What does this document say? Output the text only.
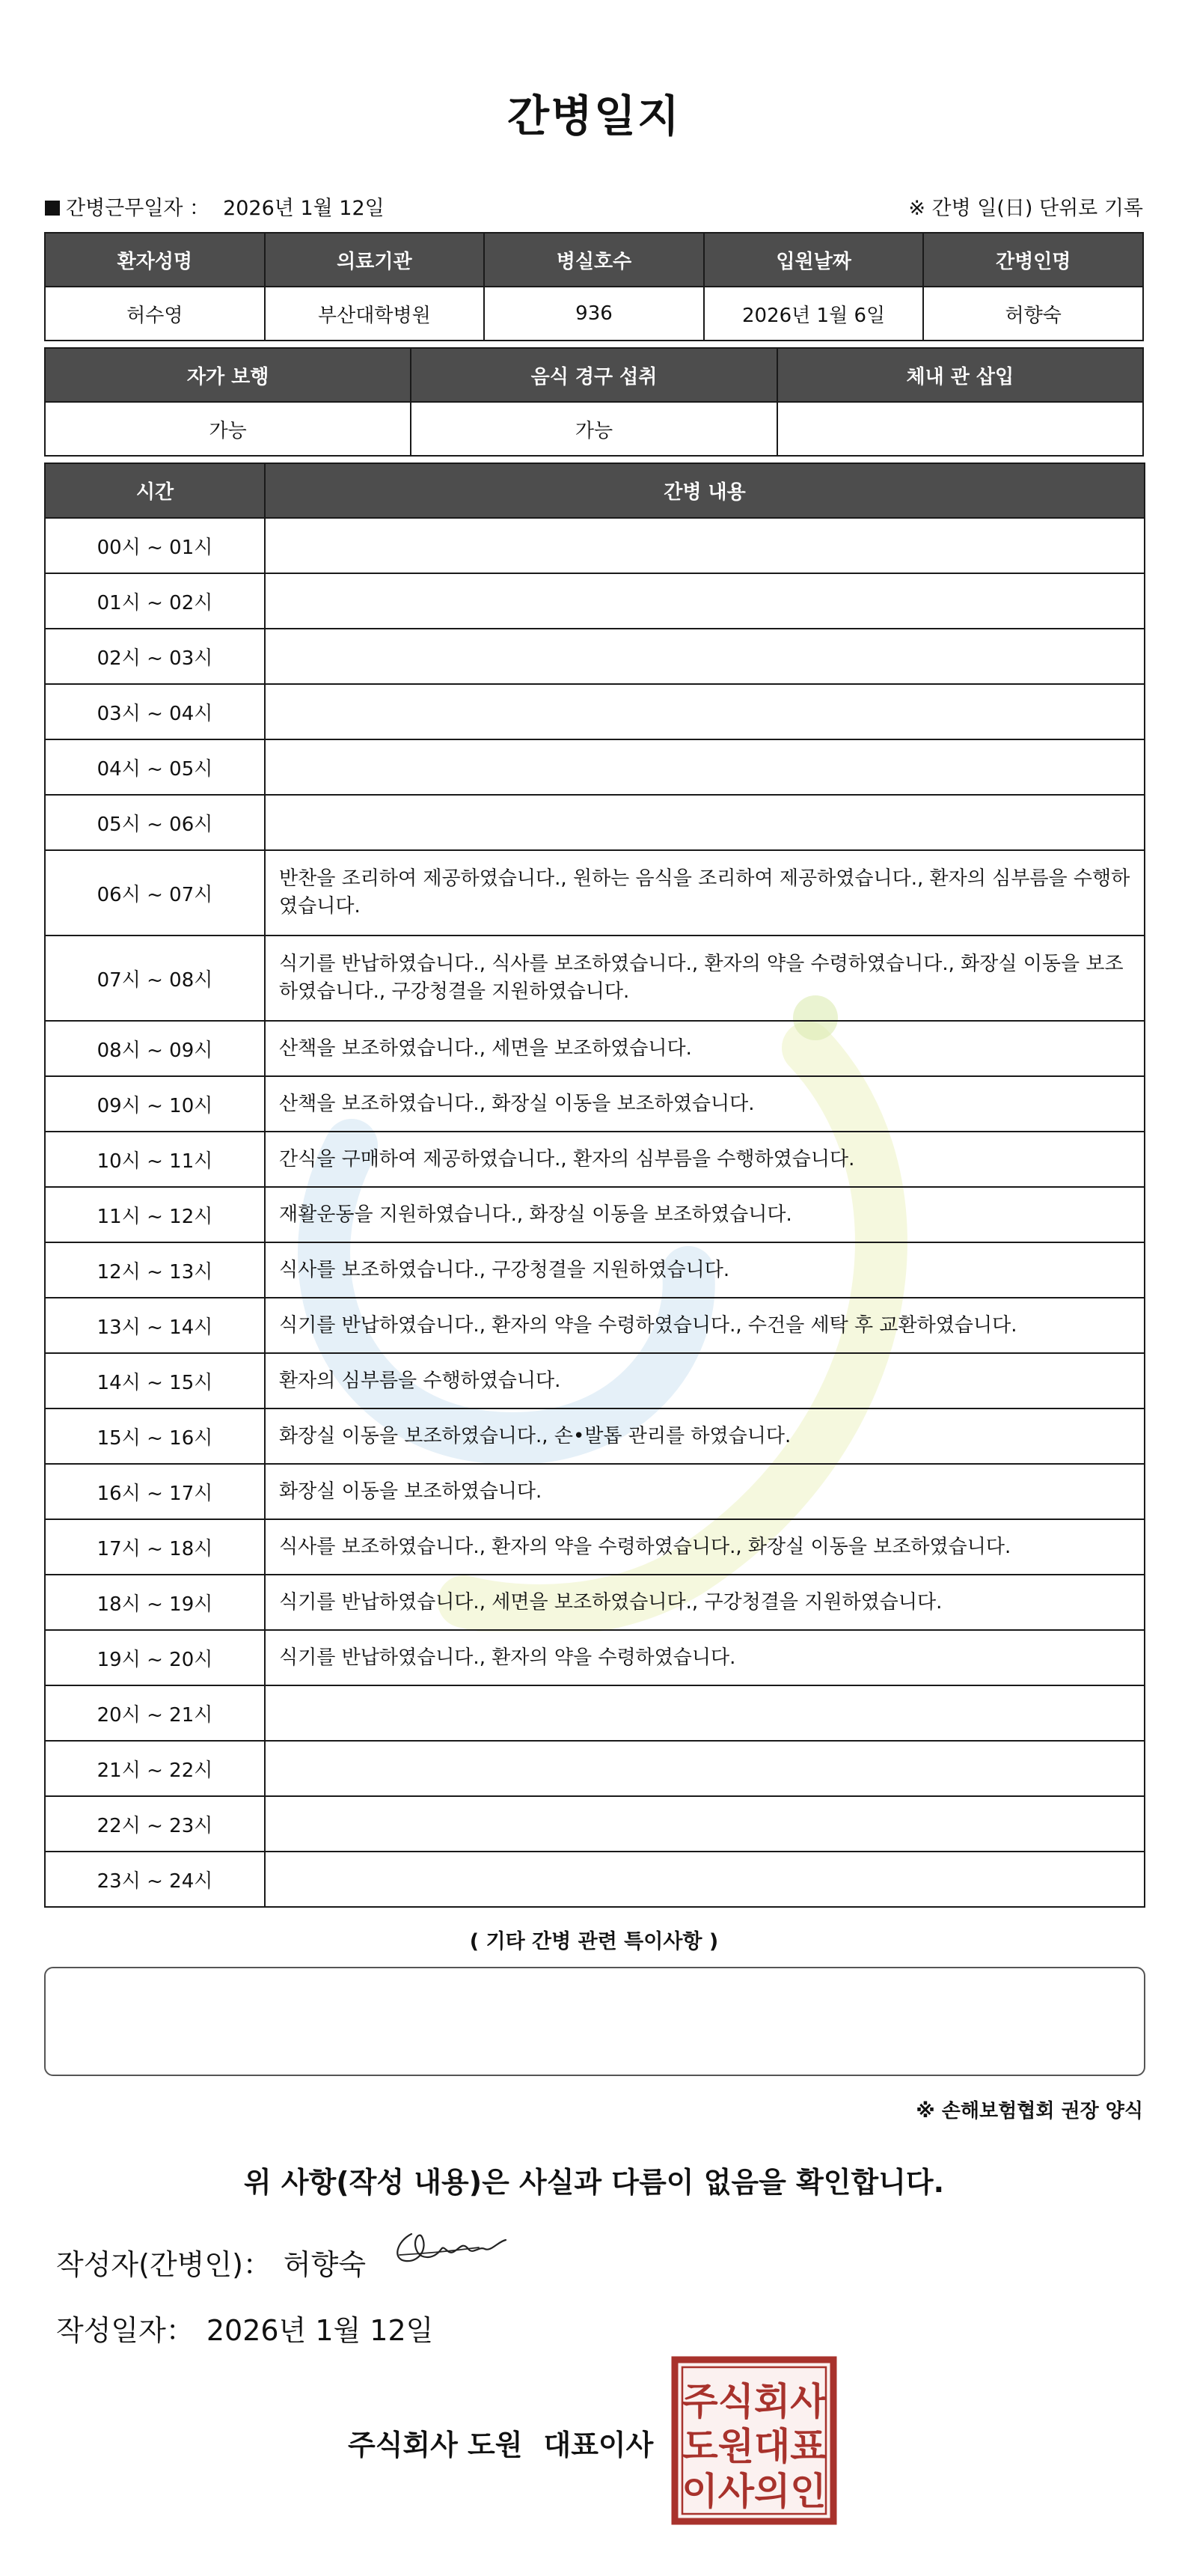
간병일지
간병근무일자 ： 2026년 1월 12일	※ 간병 일(日) 단위로 기록
환자성명	의료기관	병실호수	입원날짜	간병인명
허수영	부산대학병원	936	2026년 1월 6일	허향숙
자가 보행	음식 경구 섭취	체내 관 삽입
가능	가능	
시간	간병 내용
00시 ~ 01시	
01시 ~ 02시	
02시 ~ 03시	
03시 ~ 04시	
04시 ~ 05시	
05시 ~ 06시	
06시 ~ 07시	반찬을 조리하여 제공하였습니다., 원하는 음식을 조리하여 제공하였습니다., 환자의 심부름을 수행하였습니다.
07시 ~ 08시	식기를 반납하였습니다., 식사를 보조하였습니다., 환자의 약을 수령하였습니다., 화장실 이동을 보조하였습니다., 구강청결을 지원하였습니다.
08시 ~ 09시	산책을 보조하였습니다., 세면을 보조하였습니다.
09시 ~ 10시	산책을 보조하였습니다., 화장실 이동을 보조하였습니다.
10시 ~ 11시	간식을 구매하여 제공하였습니다., 환자의 심부름을 수행하였습니다.
11시 ~ 12시	재활운동을 지원하였습니다., 화장실 이동을 보조하였습니다.
12시 ~ 13시	식사를 보조하였습니다., 구강청결을 지원하였습니다.
13시 ~ 14시	식기를 반납하였습니다., 환자의 약을 수령하였습니다., 수건을 세탁 후 교환하였습니다.
14시 ~ 15시	환자의 심부름을 수행하였습니다.
15시 ~ 16시	화장실 이동을 보조하였습니다., 손•발톱 관리를 하였습니다.
16시 ~ 17시	화장실 이동을 보조하였습니다.
17시 ~ 18시	식사를 보조하였습니다., 환자의 약을 수령하였습니다., 화장실 이동을 보조하였습니다.
18시 ~ 19시	식기를 반납하였습니다., 세면을 보조하였습니다., 구강청결을 지원하였습니다.
19시 ~ 20시	식기를 반납하였습니다., 환자의 약을 수령하였습니다.
20시 ~ 21시	
21시 ~ 22시	
22시 ~ 23시	
23시 ~ 24시	
( 기타 간병 관련 특이사항 )
※ 손해보험협회 권장 양식
위 사항(작성 내용)은 사실과 다름이 없음을 확인합니다.
작성자(간병인)： 허향숙
작성일자： 2026년 1월 12일
주식회사 도원 대표이사
주식회사
도원대표
이사의인
